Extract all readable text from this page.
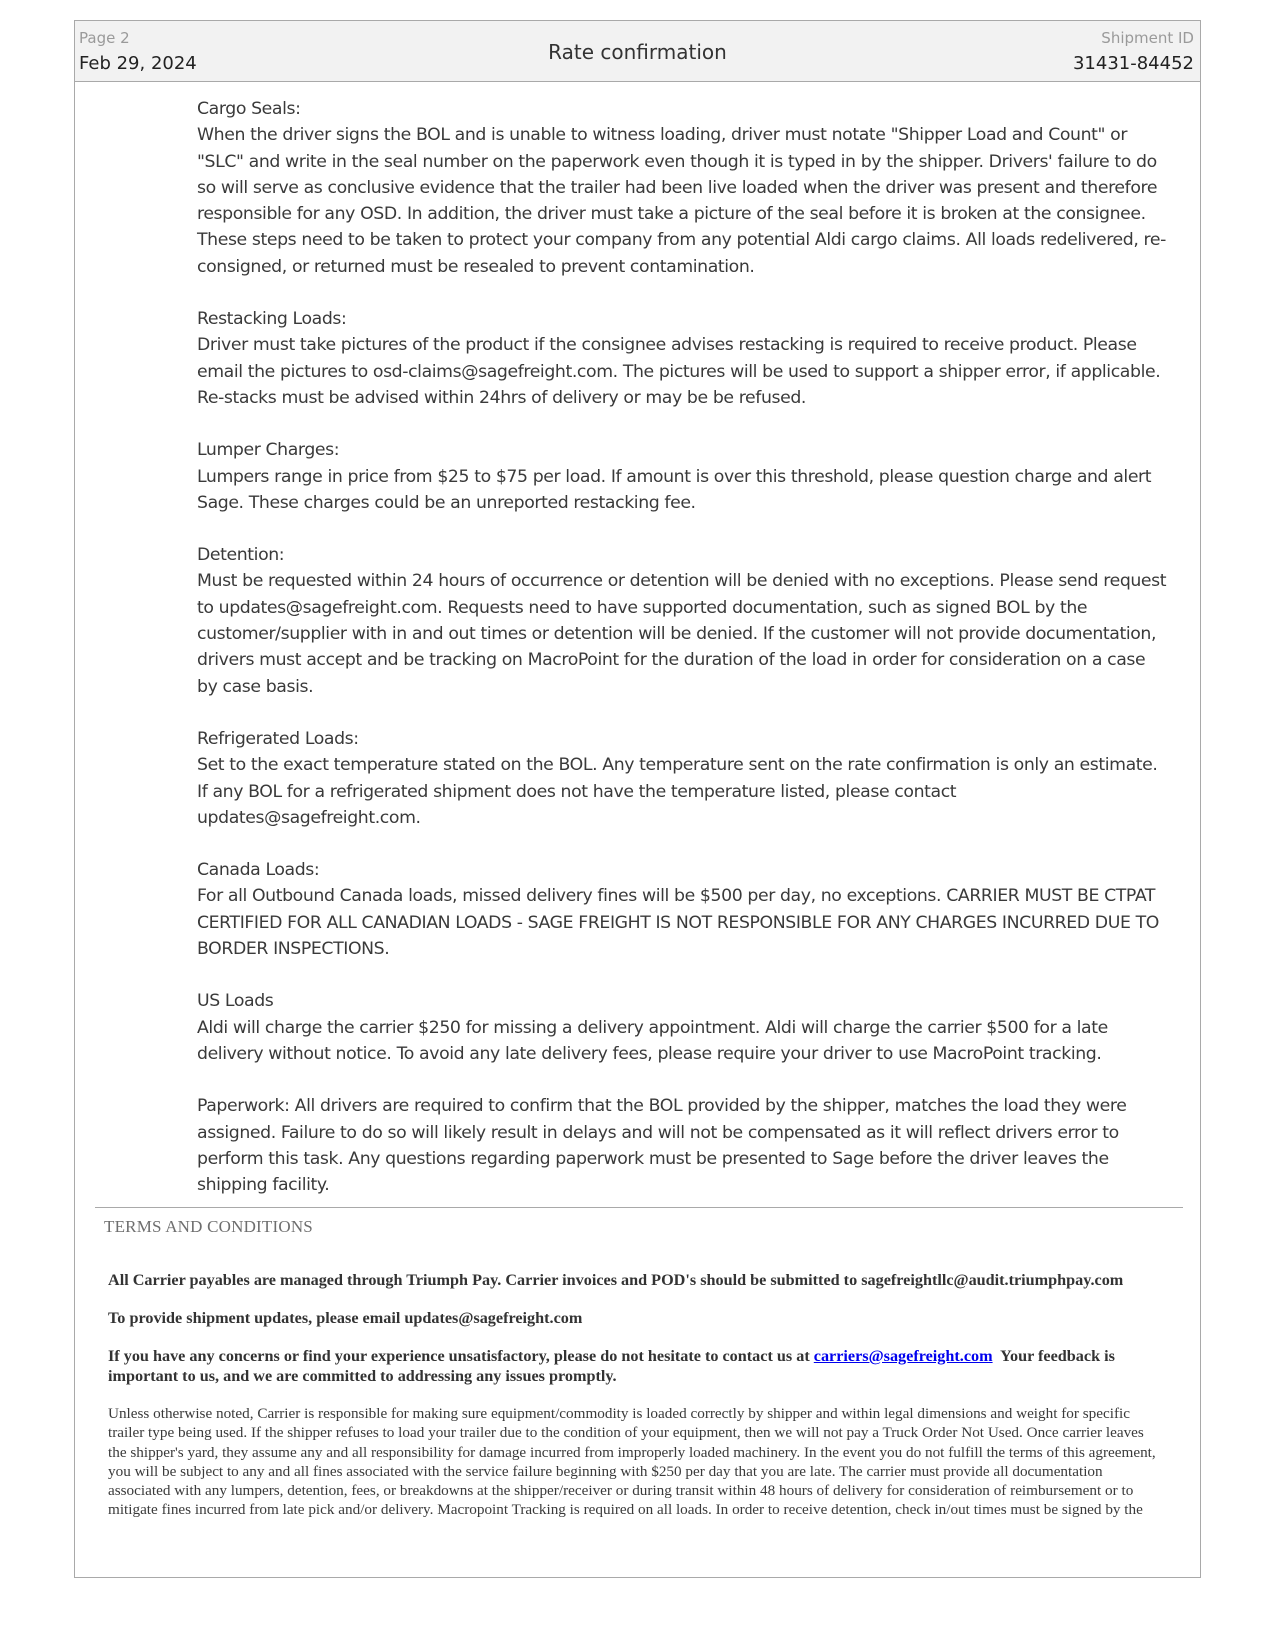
Page 2
Feb 29, 2024	Rate confirmation
Shipment ID
31431-84452

Cargo Seals:
When the driver signs the BOL and is unable to witness loading, driver must notate "Shipper Load and Count" or "SLC" and write in the seal number on the paperwork even though it is typed in by the shipper. Drivers' failure to do so will serve as conclusive evidence that the trailer had been live loaded when the driver was present and therefore responsible for any OSD. In addition, the driver must take a picture of the seal before it is broken at the consignee. These steps need to be taken to protect your company from any potential Aldi cargo claims. All loads redelivered, re-consigned, or returned must be resealed to prevent contamination.

Restacking Loads:
Driver must take pictures of the product if the consignee advises restacking is required to receive product. Please email the pictures to osd-claims@sagefreight.com. The pictures will be used to support a shipper error, if applicable. Re-stacks must be advised within 24hrs of delivery or may be be refused.

Lumper Charges:
Lumpers range in price from $25 to $75 per load. If amount is over this threshold, please question charge and alert Sage. These charges could be an unreported restacking fee.

Detention:
Must be requested within 24 hours of occurrence or detention will be denied with no exceptions. Please send request to updates@sagefreight.com. Requests need to have supported documentation, such as signed BOL by the customer/supplier with in and out times or detention will be denied. If the customer will not provide documentation, drivers must accept and be tracking on MacroPoint for the duration of the load in order for consideration on a case by case basis.

Refrigerated Loads:
Set to the exact temperature stated on the BOL. Any temperature sent on the rate confirmation is only an estimate. If any BOL for a refrigerated shipment does not have the temperature listed, please contact updates@sagefreight.com.

Canada Loads:
For all Outbound Canada loads, missed delivery fines will be $500 per day, no exceptions. CARRIER MUST BE CTPAT CERTIFIED FOR ALL CANADIAN LOADS - SAGE FREIGHT IS NOT RESPONSIBLE FOR ANY CHARGES INCURRED DUE TO BORDER INSPECTIONS.

US Loads
Aldi will charge the carrier $250 for missing a delivery appointment. Aldi will charge the carrier $500 for a late delivery without notice. To avoid any late delivery fees, please require your driver to use MacroPoint tracking.

Paperwork: All drivers are required to confirm that the BOL provided by the shipper, matches the load they were assigned. Failure to do so will likely result in delays and will not be compensated as it will reflect drivers error to perform this task. Any questions regarding paperwork must be presented to Sage before the driver leaves the shipping facility.

TERMS AND CONDITIONS

All Carrier payables are managed through Triumph Pay. Carrier invoices and POD's should be submitted to sagefreightllc@audit.triumphpay.com

To provide shipment updates, please email updates@sagefreight.com

If you have any concerns or find your experience unsatisfactory, please do not hesitate to contact us at carriers@sagefreight.com Your feedback is important to us, and we are committed to addressing any issues promptly.

Unless otherwise noted, Carrier is responsible for making sure equipment/commodity is loaded correctly by shipper and within legal dimensions and weight for specific trailer type being used. If the shipper refuses to load your trailer due to the condition of your equipment, then we will not pay a Truck Order Not Used. Once carrier leaves the shipper's yard, they assume any and all responsibility for damage incurred from improperly loaded machinery. In the event you do not fulfill the terms of this agreement, you will be subject to any and all fines associated with the service failure beginning with $250 per day that you are late. The carrier must provide all documentation associated with any lumpers, detention, fees, or breakdowns at the shipper/receiver or during transit within 48 hours of delivery for consideration of reimbursement or to mitigate fines incurred from late pick and/or delivery. Macropoint Tracking is required on all loads. In order to receive detention, check in/out times must be signed by the
